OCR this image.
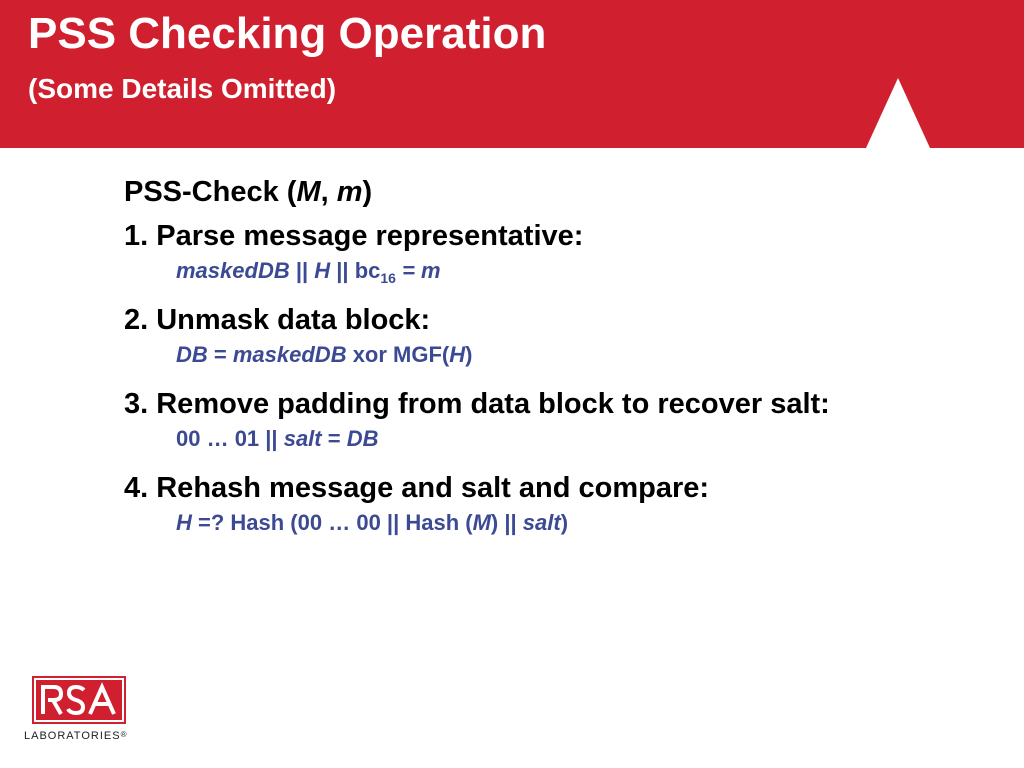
PSS Checking Operation
(Some Details Omitted)
PSS-Check (M, m)
1. Parse message representative:
maskedDB || H || $bc_{16} = m$
2. Unmask data block:
DB = maskedDB xor MGF(H)
3. Remove padding from data block to recover salt:
00 … 01 || salt = DB
4. Rehash message and salt and compare:
H =? Hash (00 … 00 || Hash (M) || salt)
LABORATORIES®
